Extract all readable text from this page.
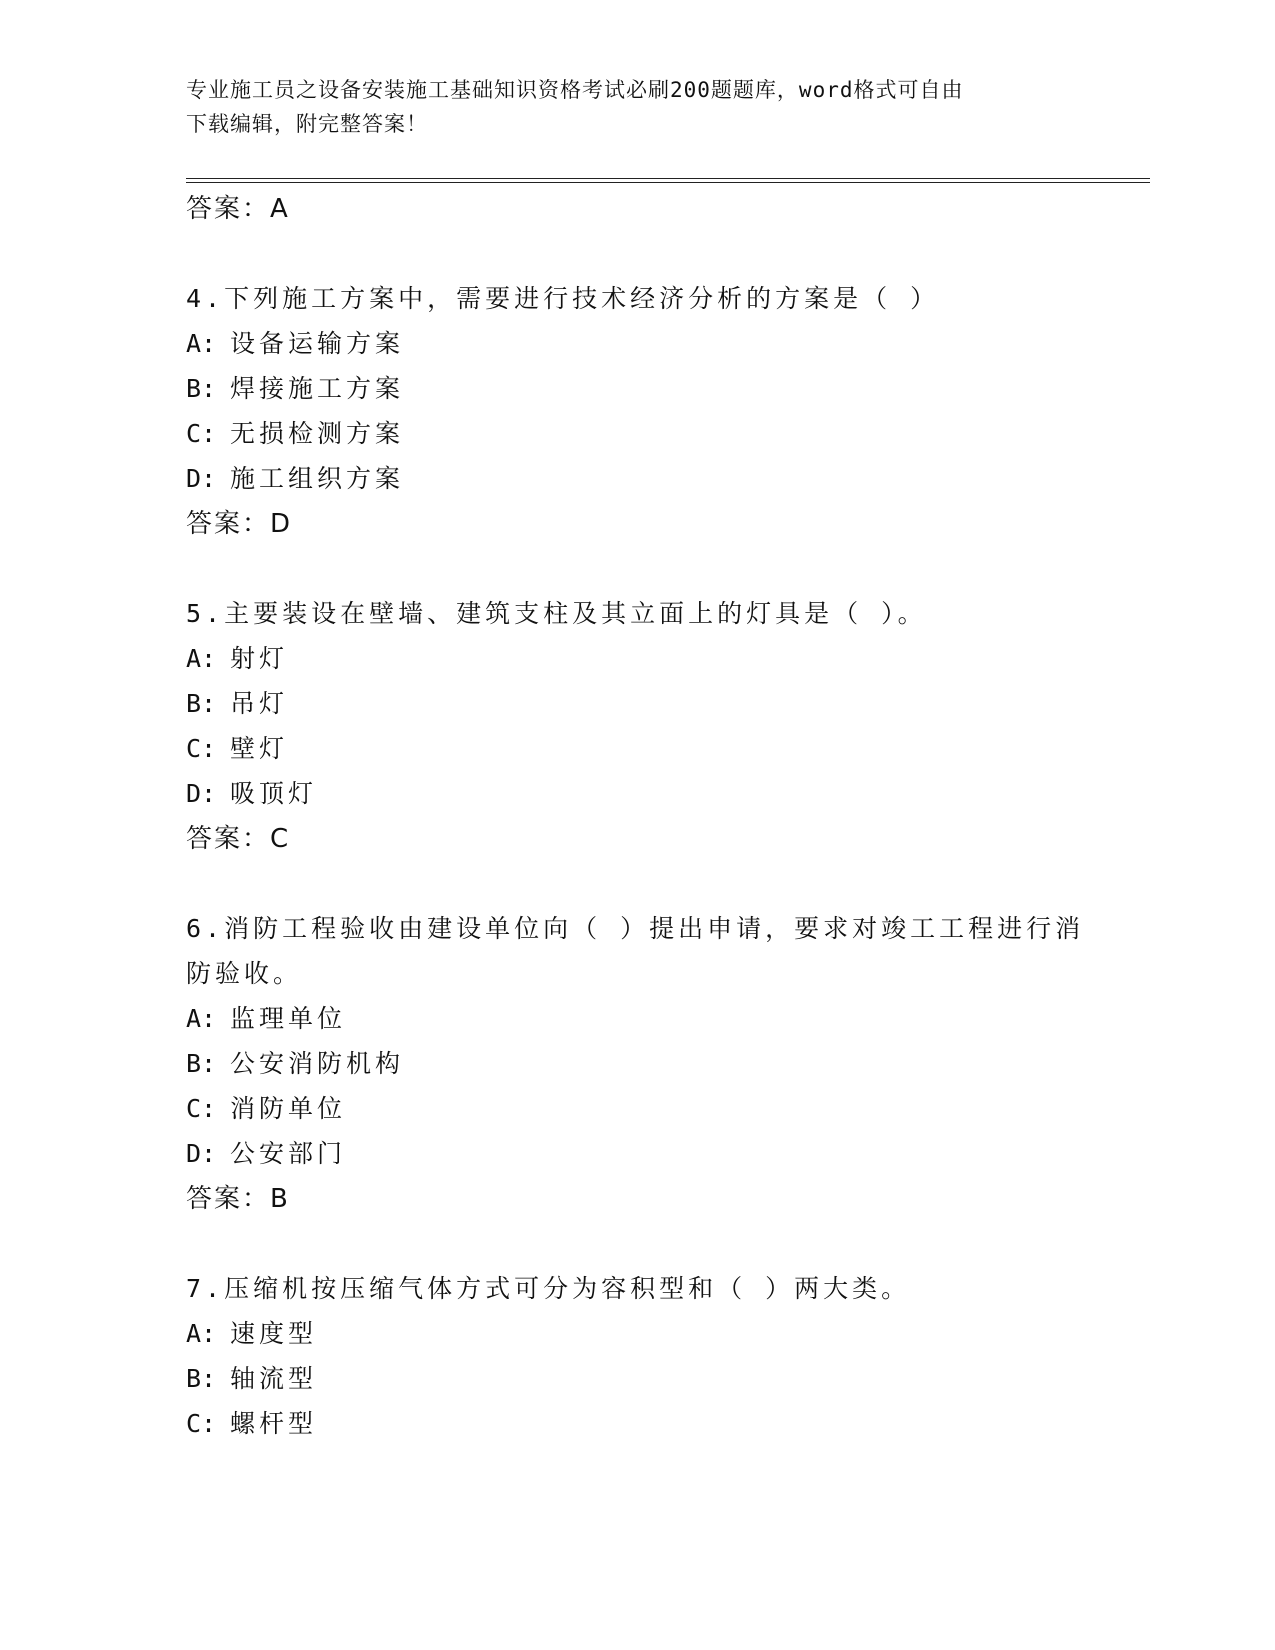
专业施工员之设备安装施工基础知识资格考试必刷200题题库，word格式可自由
下载编辑，附完整答案！
答案：A
4.下列施工方案中，需要进行技术经济分析的方案是（ ）
A: 设备运输方案
B: 焊接施工方案
C: 无损检测方案
D: 施工组织方案
答案：D
5.主要装设在壁墙、建筑支柱及其立面上的灯具是（ ）。
A: 射灯
B: 吊灯
C: 壁灯
D: 吸顶灯
答案：C
6.消防工程验收由建设单位向（ ）提出申请，要求对竣工工程进行消防验收。
A: 监理单位
B: 公安消防机构
C: 消防单位
D: 公安部门
答案：B
7.压缩机按压缩气体方式可分为容积型和（ ）两大类。
A: 速度型
B: 轴流型
C: 螺杆型
